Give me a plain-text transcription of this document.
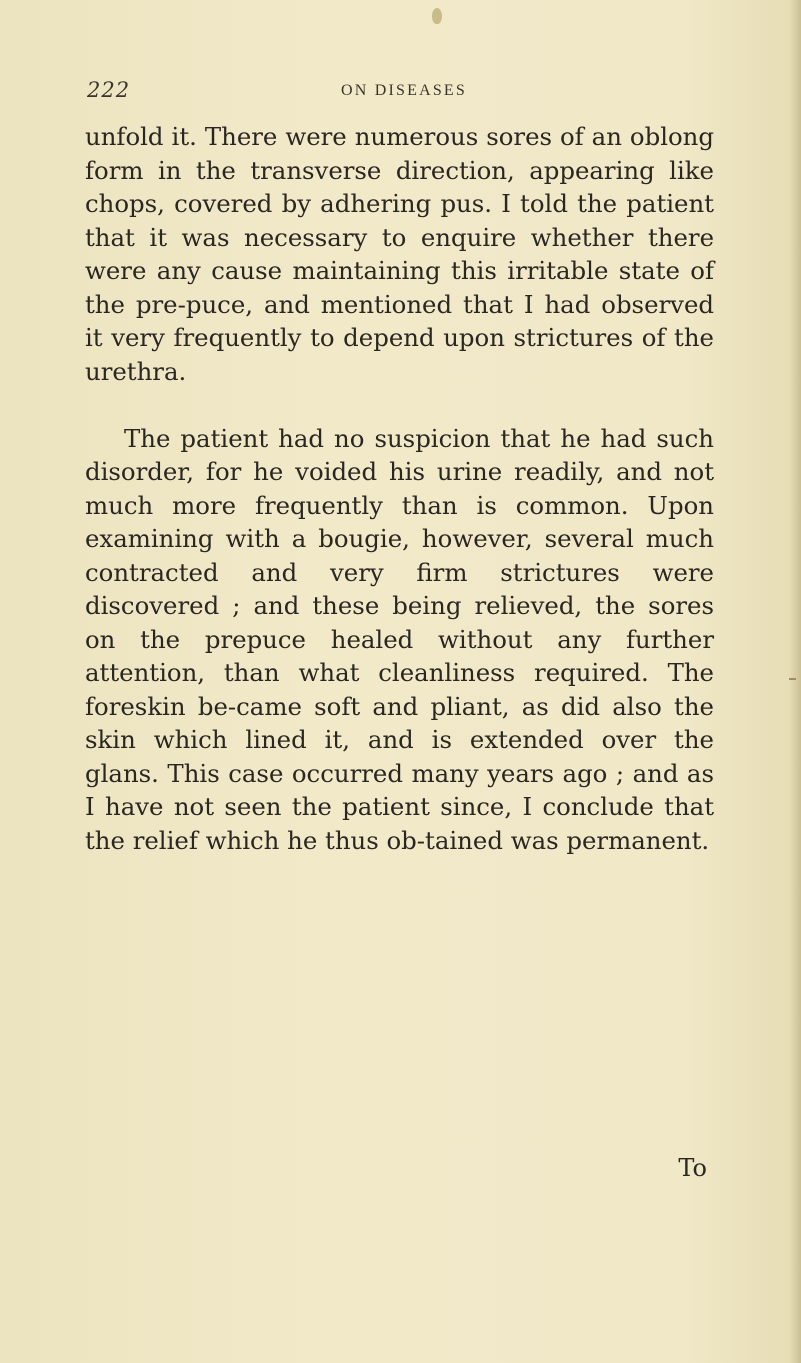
222	ON DISEASES

unfold it. There were numerous sores of an oblong form in the transverse direction, appearing like chops, covered by adhering pus. I told the patient that it was necessary to enquire whether there were any cause maintaining this irritable state of the pre-puce, and mentioned that I had observed it very frequently to depend upon strictures of the urethra.

The patient had no suspicion that he had such disorder, for he voided his urine readily, and not much more frequently than is common. Upon examining with a bougie, however, several much contracted and very firm strictures were discovered ; and these being relieved, the sores on the prepuce healed without any further attention, than what cleanliness required. The foreskin be-came soft and pliant, as did also the skin which lined it, and is extended over the glans. This case occurred many years ago ; and as I have not seen the patient since, I conclude that the relief which he thus ob-tained was permanent.

To
